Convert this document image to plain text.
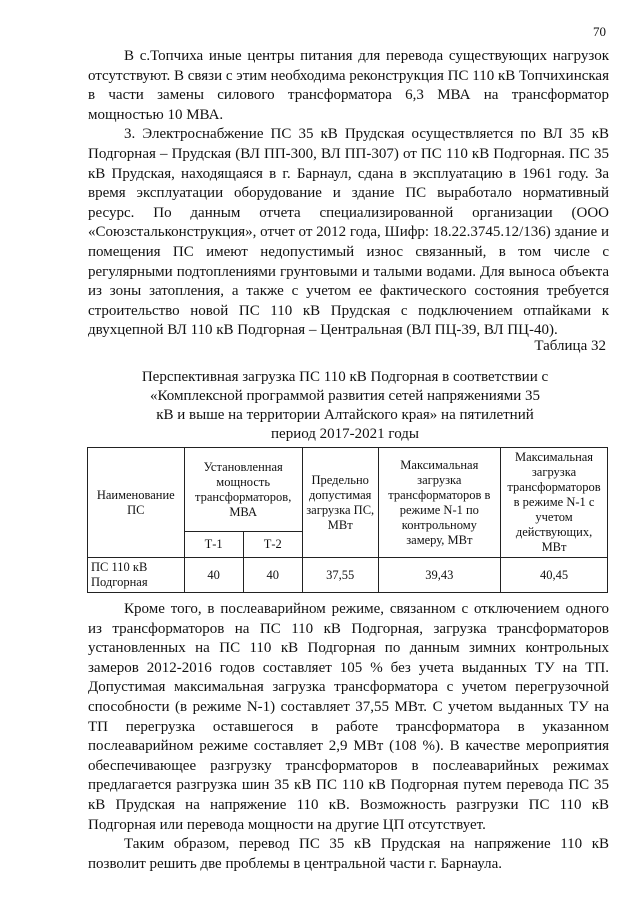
70

В с.Топчиха иные центры питания для перевода существующих нагрузок отсутствуют. В связи с этим необходима реконструкция ПС 110 кВ Топчихинская в части замены силового трансформатора 6,3 МВА на трансформатор мощностью 10 МВА.

3. Электроснабжение ПС 35 кВ Прудская осуществляется по ВЛ 35 кВ Подгорная – Прудская (ВЛ ПП-300, ВЛ ПП-307) от ПС 110 кВ Подгорная. ПС 35 кВ Прудская, находящаяся в г. Барнаул, сдана в эксплуатацию в 1961 году. За время эксплуатации оборудование и здание ПС выработало нормативный ресурс. По данным отчета специализированной организации (ООО «Союзстальконструкция», отчет от 2012 года, Шифр: 18.22.3745.12/136) здание и помещения ПС имеют недопустимый износ связанный, в том числе с регулярными подтоплениями грунтовыми и талыми водами. Для выноса объекта из зоны затопления, а также с учетом ее фактического состояния требуется строительство новой ПС 110 кВ Прудская с подключением отпайками к двухцепной ВЛ 110 кВ Подгорная – Центральная (ВЛ ПЦ-39, ВЛ ПЦ-40).

Таблица 32
Перспективная загрузка ПС 110 кВ Подгорная в соответствии с «Комплексной программой развития сетей напряжениями 35 кВ и выше на территории Алтайского края» на пятилетний период 2017-2021 годы
Наименование ПС	Установленная мощность трансформаторов, МВА		Предельно допустимая загрузка ПС, МВт	Максимальная загрузка трансформаторов в режиме N-1 по контрольному замеру, МВт	Максимальная загрузка трансформаторов в режиме N-1 с учетом действующих, МВт
	Т-1	Т-2			
ПС 110 кВ Подгорная	40	40	37,55	39,43	40,45

Кроме того, в послеаварийном режиме, связанном с отключением одного из трансформаторов на ПС 110 кВ Подгорная, загрузка трансформаторов установленных на ПС 110 кВ Подгорная по данным зимних контрольных замеров 2012-2016 годов составляет 105 % без учета выданных ТУ на ТП. Допустимая максимальная загрузка трансформатора с учетом перегрузочной способности (в режиме N-1) составляет 37,55 МВт. С учетом выданных ТУ на ТП перегрузка оставшегося в работе трансформатора в указанном послеаварийном режиме составляет 2,9 МВт (108 %). В качестве мероприятия обеспечивающее разгрузку трансформаторов в послеаварийных режимах предлагается разгрузка шин 35 кВ ПС 110 кВ Подгорная путем перевода ПС 35 кВ Прудская на напряжение 110 кВ. Возможность разгрузки ПС 110 кВ Подгорная или перевода мощности на другие ЦП отсутствует.

Таким образом, перевод ПС 35 кВ Прудская на напряжение 110 кВ позволит решить две проблемы в центральной части г. Барнаула.
